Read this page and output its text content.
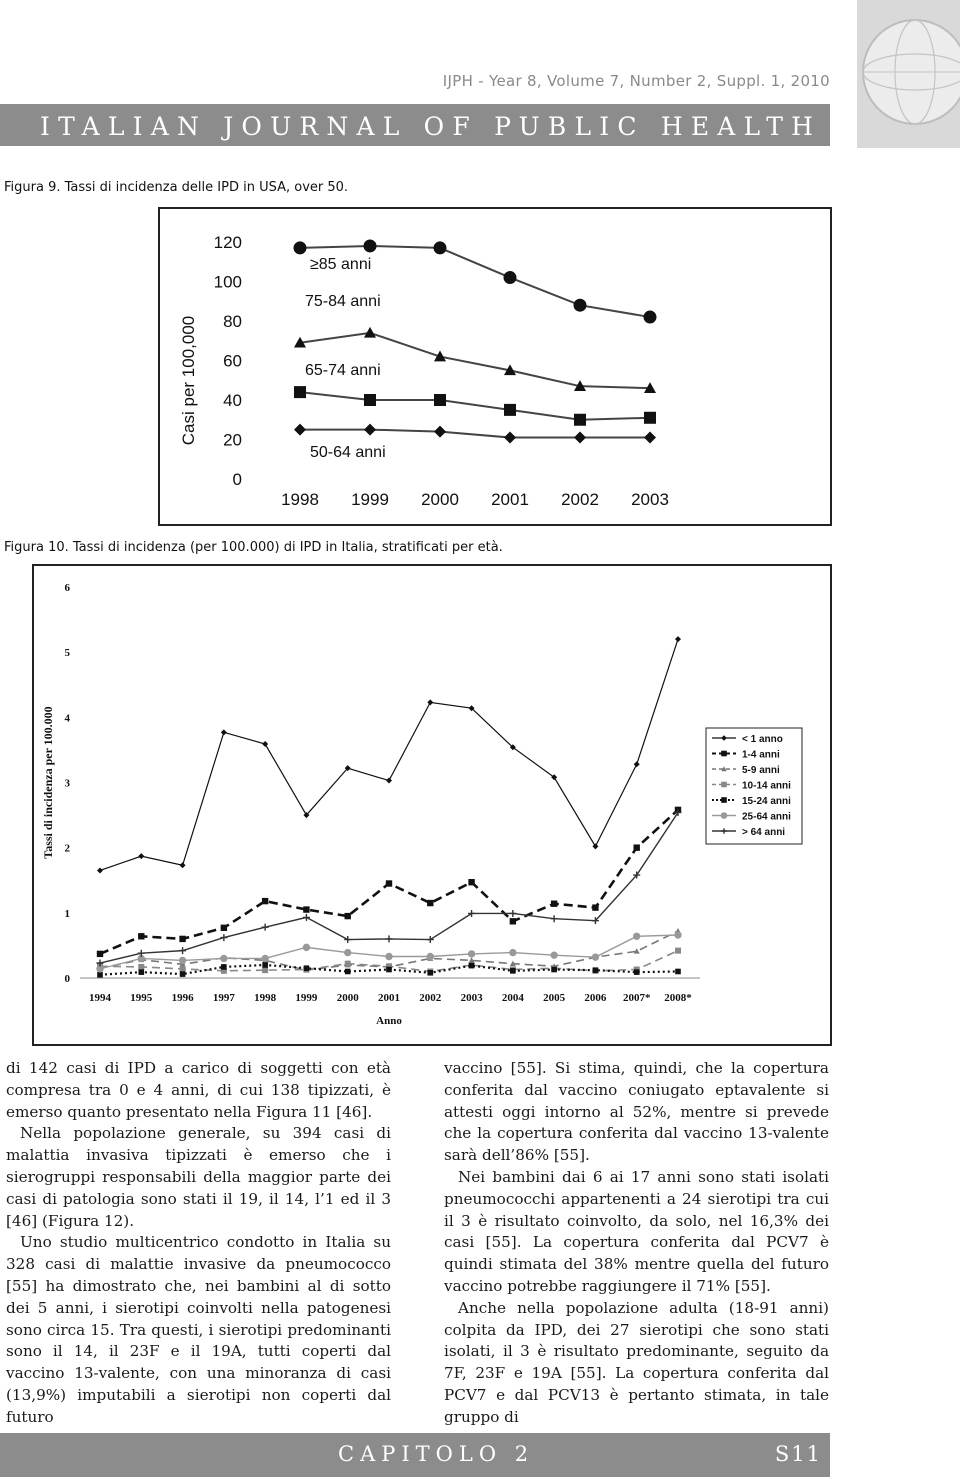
IJPH - Year 8, Volume 7, Number 2, Suppl. 1, 2010
ITALIAN JOURNAL OF PUBLIC HEALTH
Figura 9. Tassi di incidenza delle IPD in USA, over 50.
Casi per 100,000
0
20
40
60
80
100
120
1998 1999 2000 2001 2002 2003
≥85 anni
75-84 anni
65-74 anni
50-64 anni
Figura 10. Tassi di incidenza (per 100.000) di IPD in Italia, stratificati per età.
0
1
2
3
4
5
6
1994 1995 1996 1997 1998 1999 2000 2001 2002 2003 2004 2005 2006 2007* 2008*
Anno
Tassi di incidenza per 100.000	< 1 anno
1-4 anni
5-9 anni
10-14 anni
15-24 anni
25-64 anni
> 64 anni

di 142 casi di IPD a carico di soggetti con età compresa tra 0 e 4 anni, di cui 138 tipizzati, è emerso quanto presentato nella Figura 11 [46].

Nella popolazione generale, su 394 casi di malattia invasiva tipizzati è emerso che i sierogruppi responsabili della maggior parte dei casi di patologia sono stati il 19, il 14, l’1 ed il 3 [46] (Figura 12).

Uno studio multicentrico condotto in Italia su 328 casi di malattie invasive da pneumococco [55] ha dimostrato che, nei bambini al di sotto dei 5 anni, i sierotipi coinvolti nella patogenesi sono circa 15. Tra questi, i sierotipi predominanti sono il 14, il 23F e il 19A, tutti coperti dal vaccino 13-valente, con una minoranza di casi (13,9%) imputabili a sierotipi non coperti dal futuro

vaccino [55]. Si stima, quindi, che la copertura conferita dal vaccino coniugato eptavalente si attesti oggi intorno al 52%, mentre si prevede che la copertura conferita dal vaccino 13-valente sarà dell’86% [55].

Nei bambini dai 6 ai 17 anni sono stati isolati pneumococchi appartenenti a 24 sierotipi tra cui il 3 è risultato coinvolto, da solo, nel 16,3% dei casi [55]. La copertura conferita dal PCV7 è quindi stimata del 38% mentre quella del futuro vaccino potrebbe raggiungere il 71% [55].

Anche nella popolazione adulta (18-91 anni) colpita da IPD, dei 27 sierotipi che sono stati isolati, il 3 è risultato predominante, seguito da 7F, 23F e 19A [55]. La copertura conferita dal PCV7 e dal PCV13 è pertanto stimata, in tale gruppo di

CAPITOLO 2	S11
